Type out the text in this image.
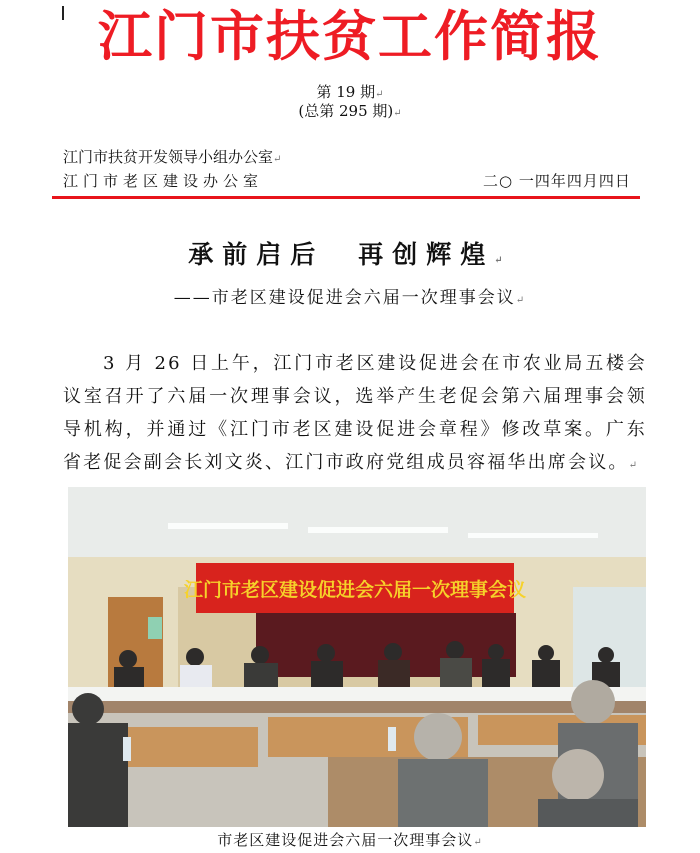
江门市扶贫工作简报
第 19 期↵
(总第 295 期)↵
江门市扶贫开发领导小组办公室↵
江门市老区建设办公室	二○ 一四年四月四日
承前启后　再创辉煌↵
——市老区建设促进会六届一次理事会议↵
3 月 26 日上午，江门市老区建设促进会在市农业局五楼会议室召开了六届一次理事会议，选举产生老促会第六届理事会领导机构，并通过《江门市老区建设促进会章程》修改草案。广东省老促会副会长刘文炎、江门市政府党组成员容福华出席会议。↵
江门市老区建设促进会六届一次理事会议
市老区建设促进会六届一次理事会议↵
